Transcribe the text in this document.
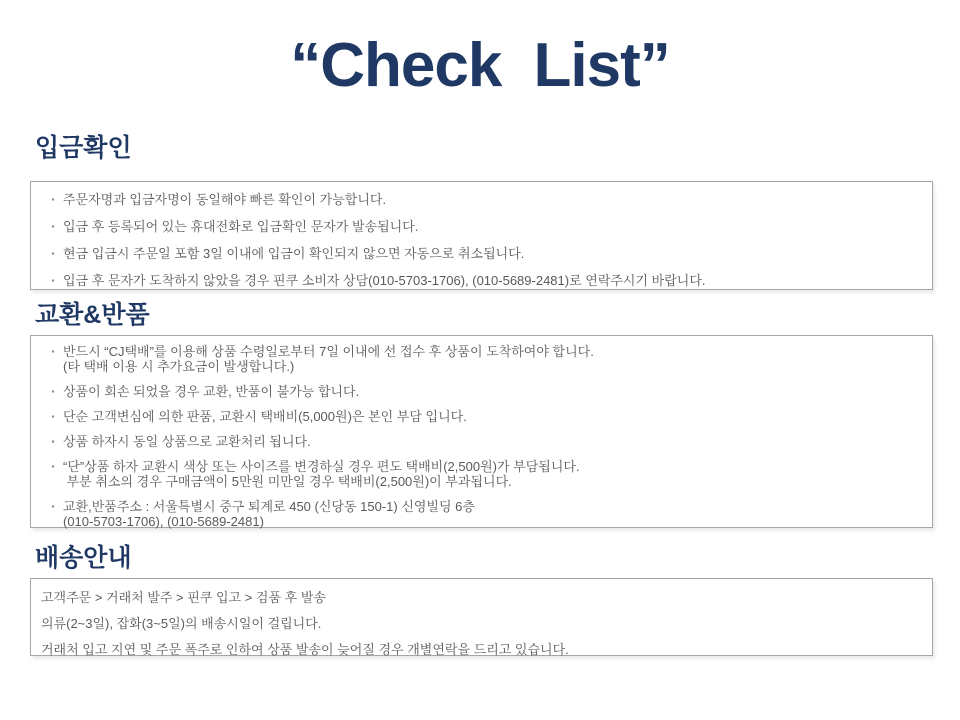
“Check List”
입금확인
▪ 주문자명과 입금자명이 동일해야 빠른 확인이 가능합니다.
▪ 입금 후 등록되어 있는 휴대전화로 입금확인 문자가 발송됩니다.
▪ 현금 입금시 주문일 포함 3일 이내에 입금이 확인되지 않으면 자동으로 취소됩니다.
▪ 입금 후 문자가 도착하지 않았을 경우 핀쿠 소비자 상담(010-5703-1706), (010-5689-2481)로 연락주시기 바랍니다.
교환&반품
▪ 반드시 “CJ택배”를 이용해 상품 수령일로부터 7일 이내에 선 접수 후 상품이 도착하여야 합니다.
(타 택배 이용 시 추가요금이 발생합니다.)
▪ 상품이 회손 되었을 경우 교환, 반품이 불가능 합니다.
▪ 단순 고객변심에 의한 판품, 교환시 택배비(5,000원)은 본인 부담 입니다.
▪ 상품 하자시 동일 상품으로 교환처리 됩니다.
▪ “단”상품 하자 교환시 색상 또는 사이즈를 변경하실 경우 편도 택배비(2,500원)가 부담됩니다.
부분 취소의 경우 구매금액이 5만원 미만일 경우 택배비(2,500원)이 부과됩니다.
▪ 교환,반품주소 : 서울특별시 중구 퇴계로 450 (신당동 150-1) 신영빌딩 6층
(010-5703-1706), (010-5689-2481)
배송안내
고객주문 > 거래처 발주 > 핀쿠 입고 > 검품 후 발송
의류(2~3일), 잡화(3~5일)의 배송시일이 걸립니다.
거래처 입고 지연 및 주문 폭주로 인하여 상품 발송이 늦어질 경우 개별연락을 드리고 있습니다.
